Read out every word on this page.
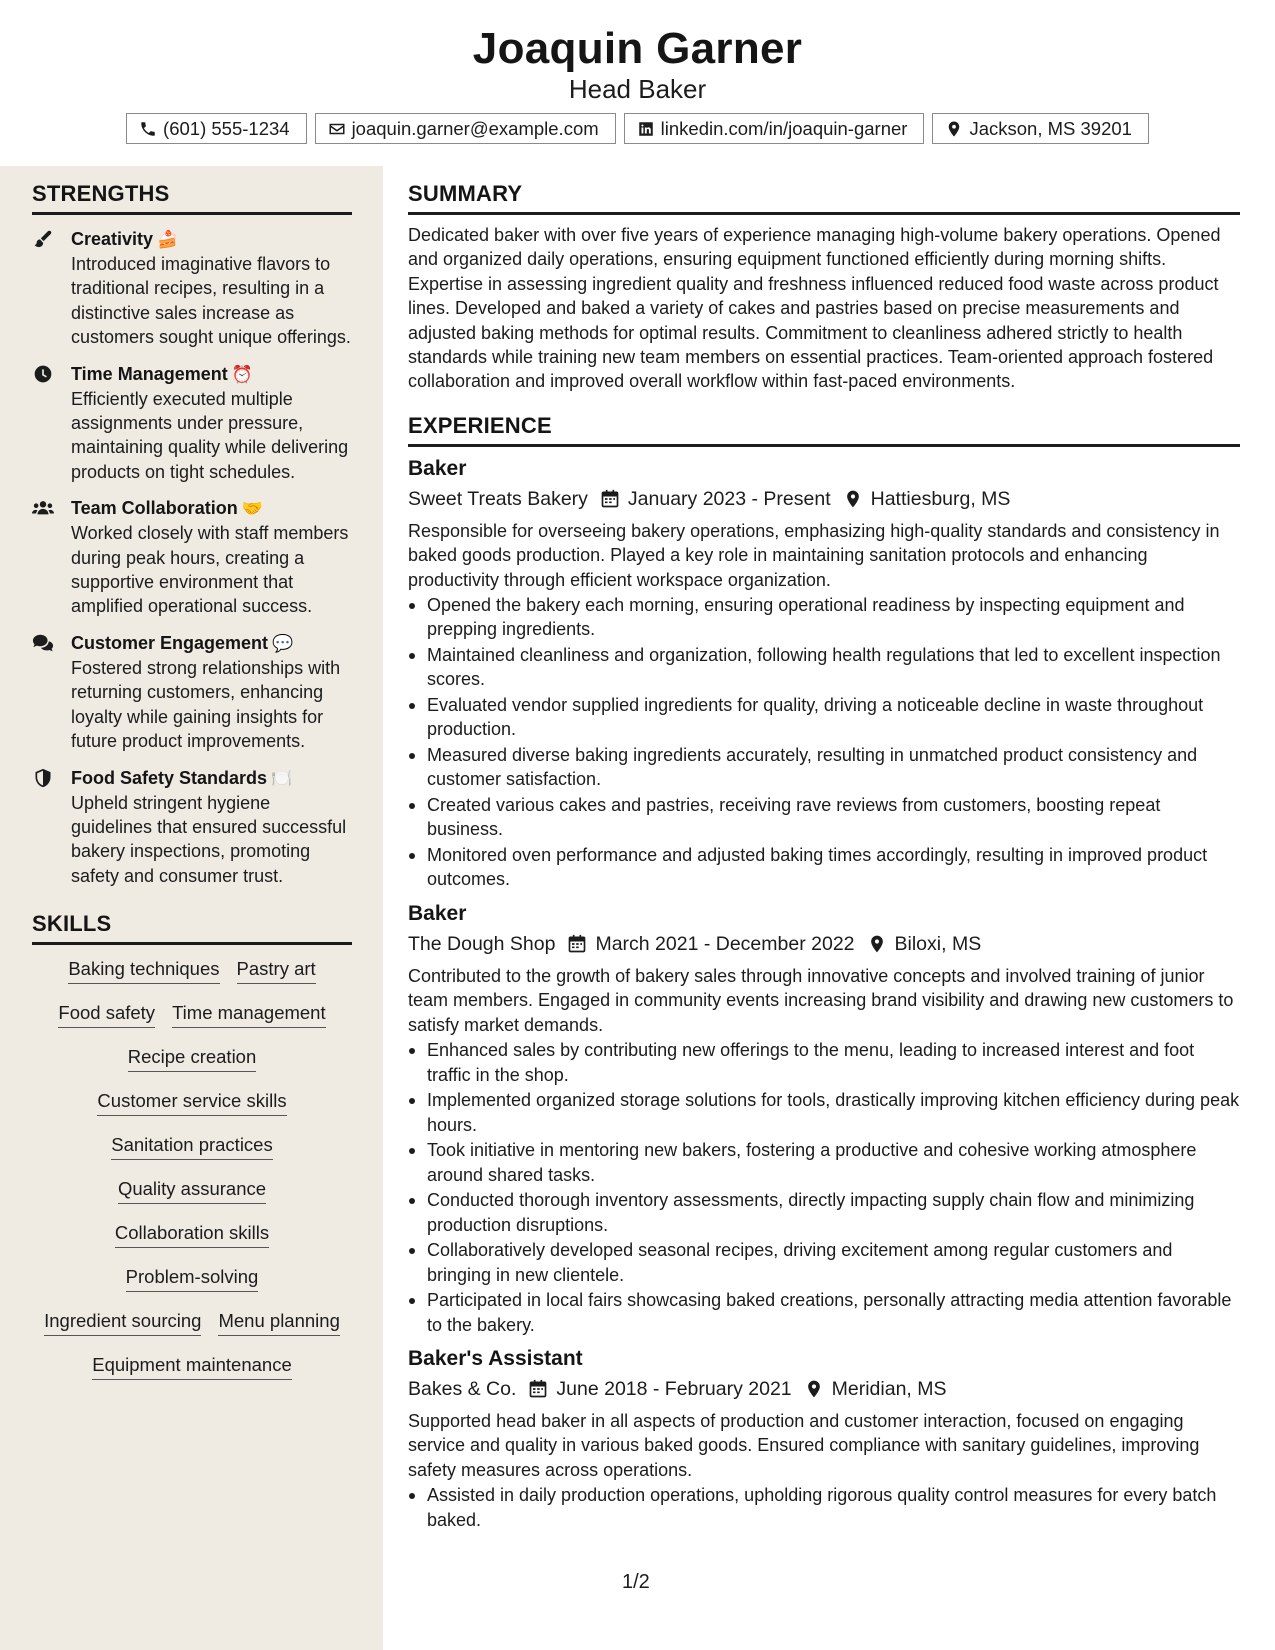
Joaquin Garner
Head Baker
(601) 555-1234	joaquin.garner@example.com	linkedin.com/in/joaquin-garner	Jackson, MS 39201
STRENGTHS
Creativity 🍰
Introduced imaginative flavors to traditional recipes, resulting in a distinctive sales increase as customers sought unique offerings.
Time Management ⏰
Efficiently executed multiple assignments under pressure, maintaining quality while delivering products on tight schedules.
Team Collaboration 🤝
Worked closely with staff members during peak hours, creating a supportive environment that amplified operational success.
Customer Engagement 💬
Fostered strong relationships with returning customers, enhancing loyalty while gaining insights for future product improvements.
Food Safety Standards 🍽️
Upheld stringent hygiene guidelines that ensured successful bakery inspections, promoting safety and consumer trust.
SKILLS
Baking techniques Pastry art
Food safety Time management
Recipe creation
Customer service skills
Sanitation practices
Quality assurance
Collaboration skills
Problem-solving
Ingredient sourcing Menu planning
Equipment maintenance
SUMMARY
Dedicated baker with over five years of experience managing high-volume bakery operations. Opened and organized daily operations, ensuring equipment functioned efficiently during morning shifts. Expertise in assessing ingredient quality and freshness influenced reduced food waste across product lines. Developed and baked a variety of cakes and pastries based on precise measurements and adjusted baking methods for optimal results. Commitment to cleanliness adhered strictly to health standards while training new team members on essential practices. Team-oriented approach fostered collaboration and improved overall workflow within fast-paced environments.
EXPERIENCE
Baker
Sweet Treats Bakery January 2023 - Present Hattiesburg, MS
Responsible for overseeing bakery operations, emphasizing high-quality standards and consistency in baked goods production. Played a key role in maintaining sanitation protocols and enhancing productivity through efficient workspace organization.
Opened the bakery each morning, ensuring operational readiness by inspecting equipment and prepping ingredients.
Maintained cleanliness and organization, following health regulations that led to excellent inspection scores.
Evaluated vendor supplied ingredients for quality, driving a noticeable decline in waste throughout production.
Measured diverse baking ingredients accurately, resulting in unmatched product consistency and customer satisfaction.
Created various cakes and pastries, receiving rave reviews from customers, boosting repeat business.
Monitored oven performance and adjusted baking times accordingly, resulting in improved product outcomes.
Baker
The Dough Shop March 2021 - December 2022 Biloxi, MS
Contributed to the growth of bakery sales through innovative concepts and involved training of junior team members. Engaged in community events increasing brand visibility and drawing new customers to satisfy market demands.
Enhanced sales by contributing new offerings to the menu, leading to increased interest and foot traffic in the shop.
Implemented organized storage solutions for tools, drastically improving kitchen efficiency during peak hours.
Took initiative in mentoring new bakers, fostering a productive and cohesive working atmosphere around shared tasks.
Conducted thorough inventory assessments, directly impacting supply chain flow and minimizing production disruptions.
Collaboratively developed seasonal recipes, driving excitement among regular customers and bringing in new clientele.
Participated in local fairs showcasing baked creations, personally attracting media attention favorable to the bakery.
Baker's Assistant
Bakes & Co. June 2018 - February 2021 Meridian, MS
Supported head baker in all aspects of production and customer interaction, focused on engaging service and quality in various baked goods. Ensured compliance with sanitary guidelines, improving safety measures across operations.
Assisted in daily production operations, upholding rigorous quality control measures for every batch baked.
1/2
